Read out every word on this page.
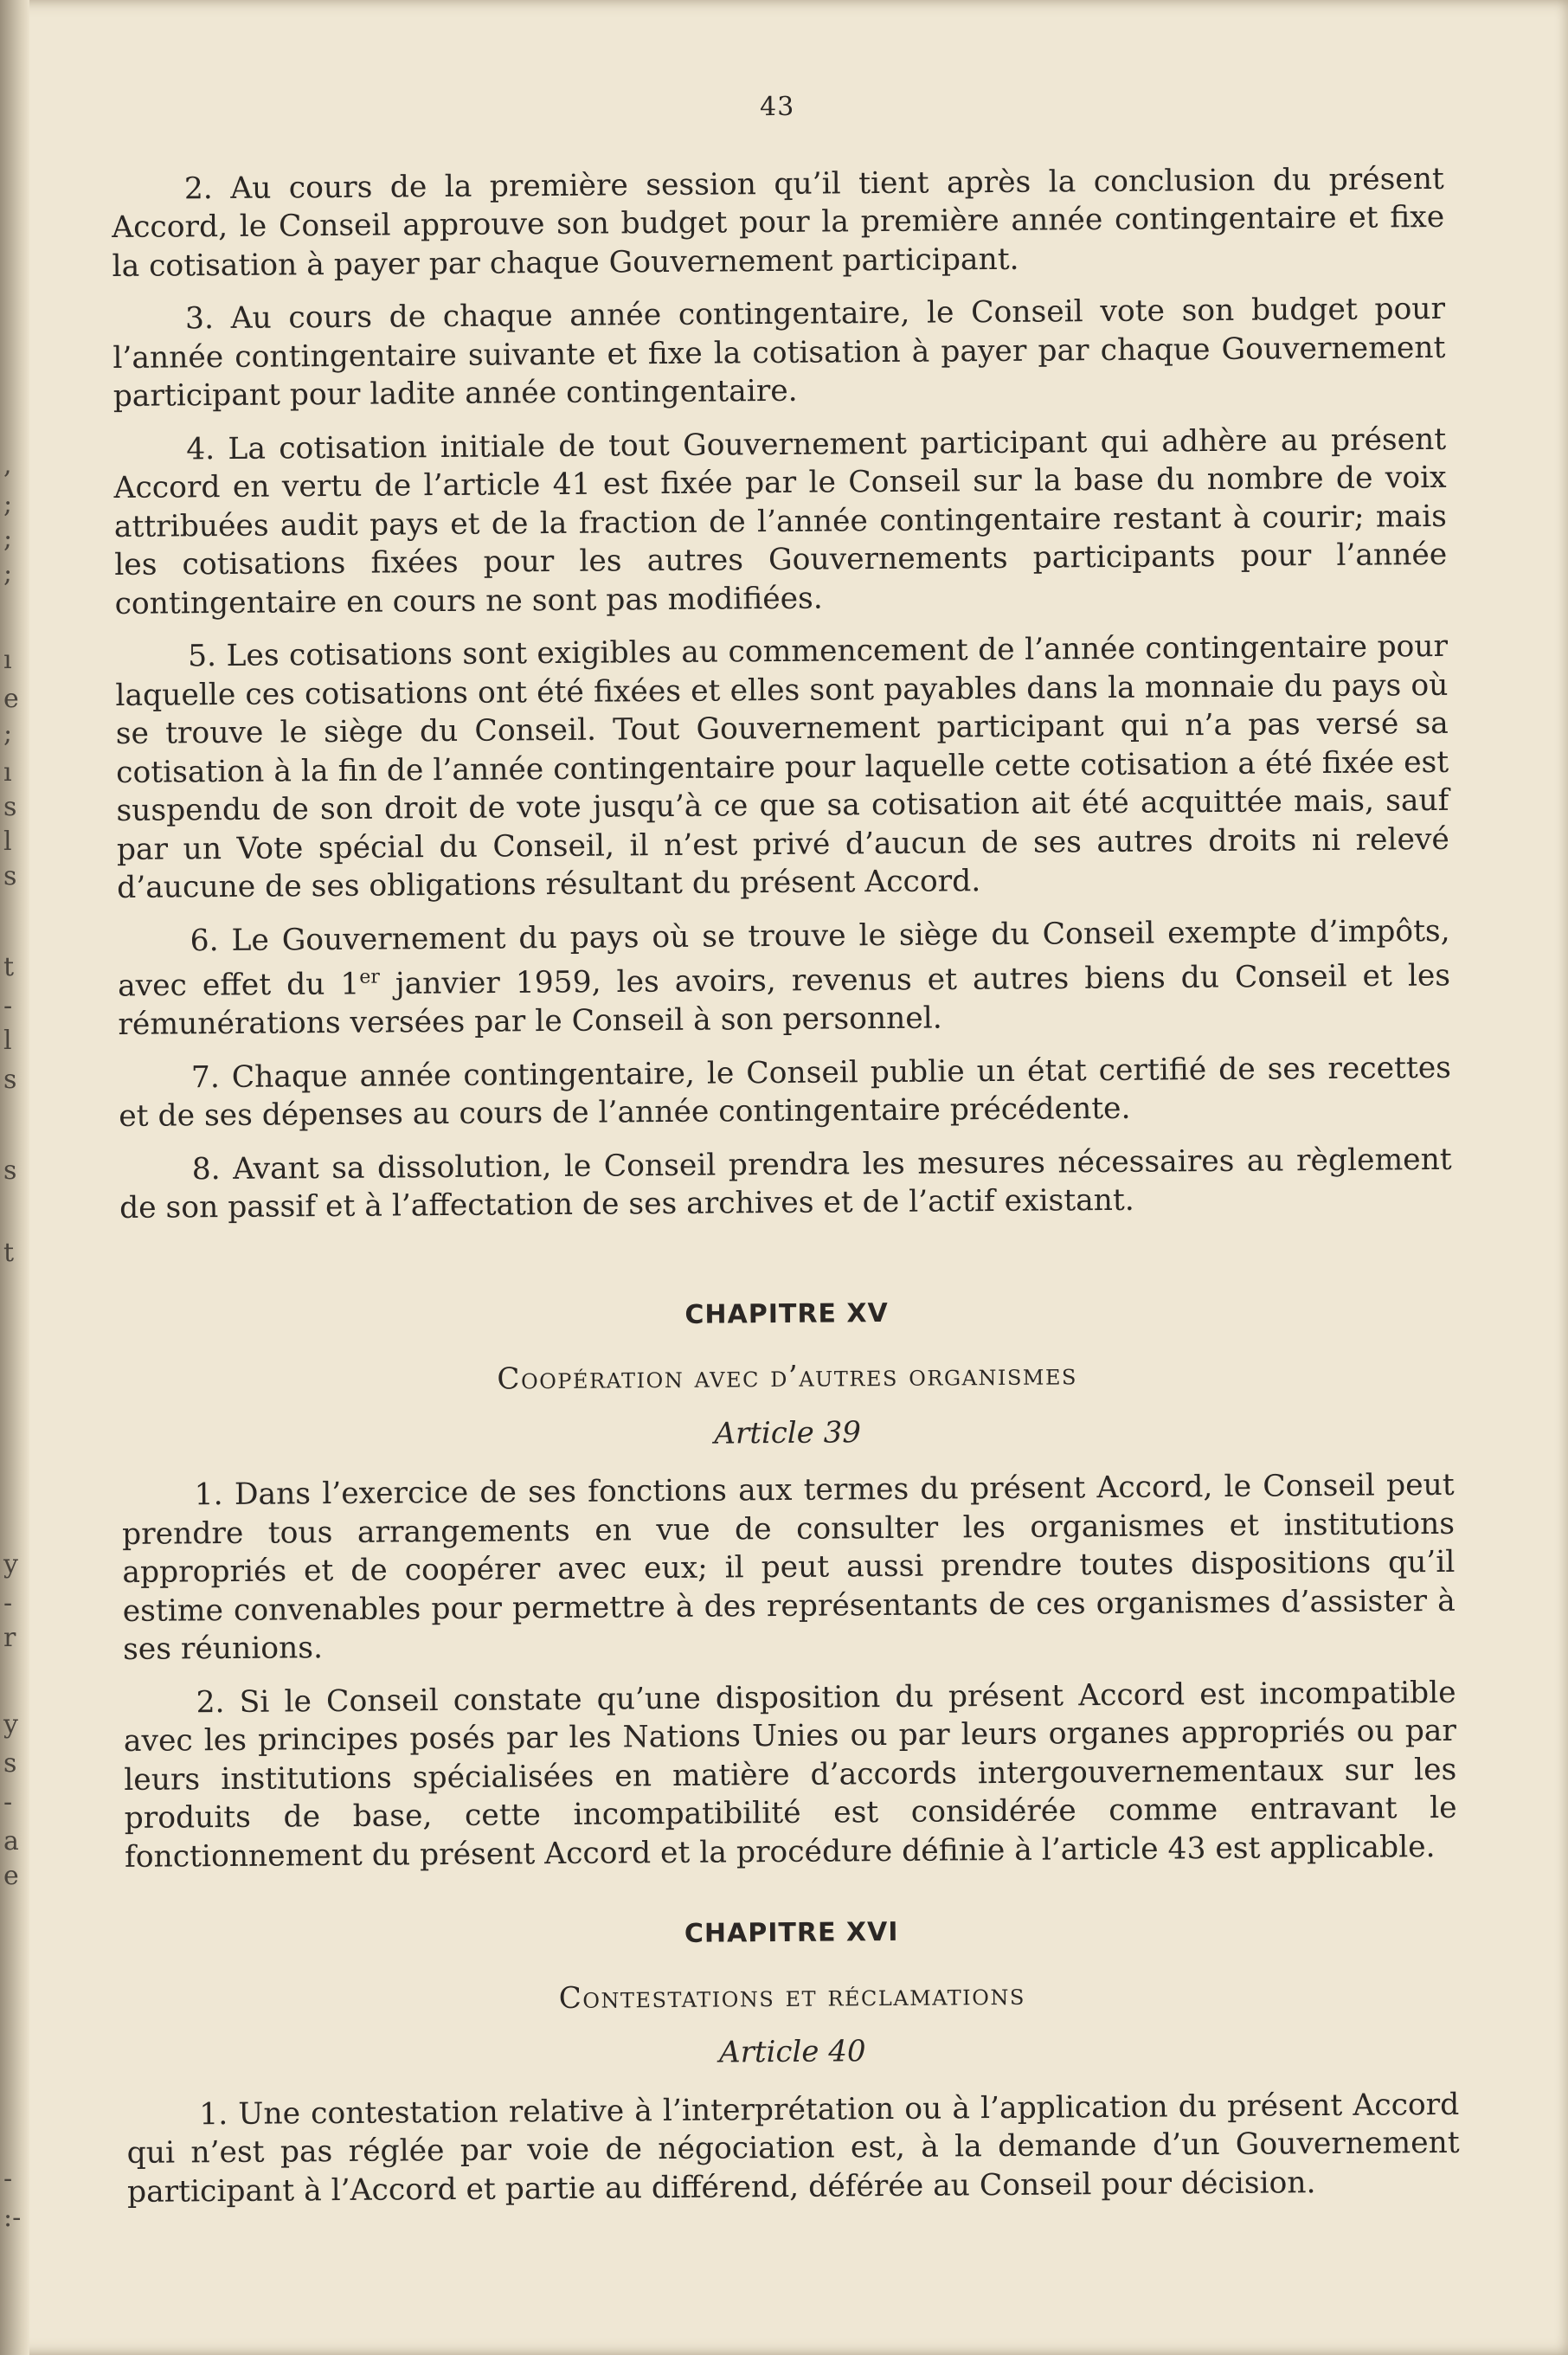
,
;
;
;
ı
e
;
ı
s
l
s
t
-
l
s
s
t
y
-
r
y
s
-
a
e
-
:-
43

2. Au cours de la première session qu’il tient après la conclusion du présent Accord, le Conseil approuve son budget pour la première année contingentaire et fixe la cotisation à payer par chaque Gouvernement participant.

3. Au cours de chaque année contingentaire, le Conseil vote son budget pour l’année contingentaire suivante et fixe la cotisation à payer par chaque Gouvernement participant pour ladite année contingentaire.

4. La cotisation initiale de tout Gouvernement participant qui adhère au présent Accord en vertu de l’article 41 est fixée par le Conseil sur la base du nombre de voix attribuées audit pays et de la fraction de l’année contingentaire restant à courir; mais les cotisations fixées pour les autres Gouvernements participants pour l’année contingentaire en cours ne sont pas modifiées.

5. Les cotisations sont exigibles au commencement de l’année contingentaire pour laquelle ces cotisations ont été fixées et elles sont payables dans la monnaie du pays où se trouve le siège du Conseil. Tout Gouvernement participant qui n’a pas versé sa cotisation à la fin de l’année contingentaire pour laquelle cette cotisation a été fixée est suspendu de son droit de vote jusqu’à ce que sa cotisation ait été acquittée mais, sauf par un Vote spécial du Conseil, il n’est privé d’aucun de ses autres droits ni relevé d’aucune de ses obligations résultant du présent Accord.

6. Le Gouvernement du pays où se trouve le siège du Conseil exempte d’impôts, avec effet du 1er janvier 1959, les avoirs, revenus et autres biens du Conseil et les rémunérations versées par le Conseil à son personnel.

7. Chaque année contingentaire, le Conseil publie un état certifié de ses recettes et de ses dépenses au cours de l’année contingentaire précédente.

8. Avant sa dissolution, le Conseil prendra les mesures nécessaires au règlement de son passif et à l’affectation de ses archives et de l’actif existant.

CHAPITRE XV
Coopération avec d’autres organismes
Article 39

1. Dans l’exercice de ses fonctions aux termes du présent Accord, le Conseil peut prendre tous arrangements en vue de consulter les organismes et institutions appropriés et de coopérer avec eux; il peut aussi prendre toutes dispositions qu’il estime convenables pour permettre à des représentants de ces organismes d’assister à ses réunions.

2. Si le Conseil constate qu’une disposition du présent Accord est incompatible avec les principes posés par les Nations Unies ou par leurs organes appropriés ou par leurs institutions spécialisées en matière d’accords intergouvernementaux sur les produits de base, cette incompatibilité est considérée comme entravant le fonctionnement du présent Accord et la procédure définie à l’article 43 est applicable.

CHAPITRE XVI
Contestations et réclamations
Article 40

1. Une contestation relative à l’interprétation ou à l’application du présent Accord qui n’est pas réglée par voie de négociation est, à la demande d’un Gouvernement participant à l’Accord et partie au différend, déférée au Conseil pour décision.
